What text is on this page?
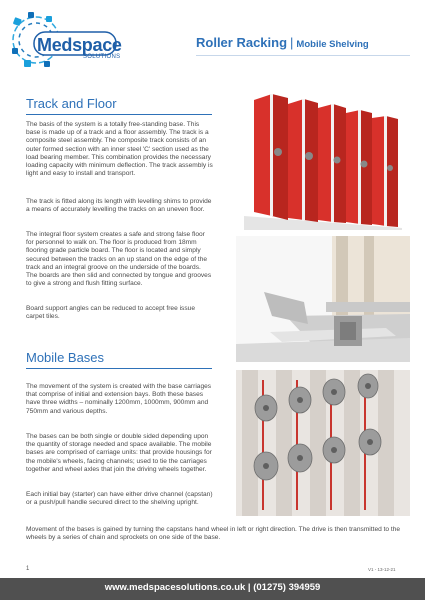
Medspace
SOLUTIONS
Roller Racking | Mobile Shelving
Track and Floor
The basis of the system is a totally free-standing base. This base is made up of a track and a floor assembly. The track is a composite steel assembly. The composite track consists of an outer formed section with an inner steel 'C' section used as the load bearing member. This combination provides the necessary loading capacity with minimum deflection. The track assembly is light and easy to install and transport.
The track is fitted along its length with levelling shims to provide a means of accurately levelling the tracks on an uneven floor.
The integral floor system creates a safe and strong false floor for personnel to walk on. The floor is produced from 18mm flooring grade particle board. The floor is located and simply secured between the tracks on an up stand on the edge of the track and an integral groove on the underside of the boards. The boards are then slid and connected by tongue and grooves to give a strong and flush fitting surface.
Board support angles can be reduced to accept free issue carpet tiles.
Mobile Bases
The movement of the system is created with the base carriages that comprise of initial and extension bays. Both these bases have three widths – nominally 1200mm, 1000mm, 900mm and 750mm and various depths.
The bases can be both single or double sided depending upon the quantity of storage needed and space available. The mobile bases are comprised of carriage units: that provide housings for the mobile's wheels, facing channels; used to tie the carriages together and wheel axles that join the driving wheels together.
Each initial bay (starter) can have either drive channel (capstan) or a push/pull handle secured direct to the shelving upright.
Movement of the bases is gained by turning the capstans hand wheel in left or right direction. The drive is then transmitted to the wheels by a series of chain and sprockets on one side of the base.
1	V1 - 13-12-21
www.medspacesolutions.co.uk | (01275) 394959
